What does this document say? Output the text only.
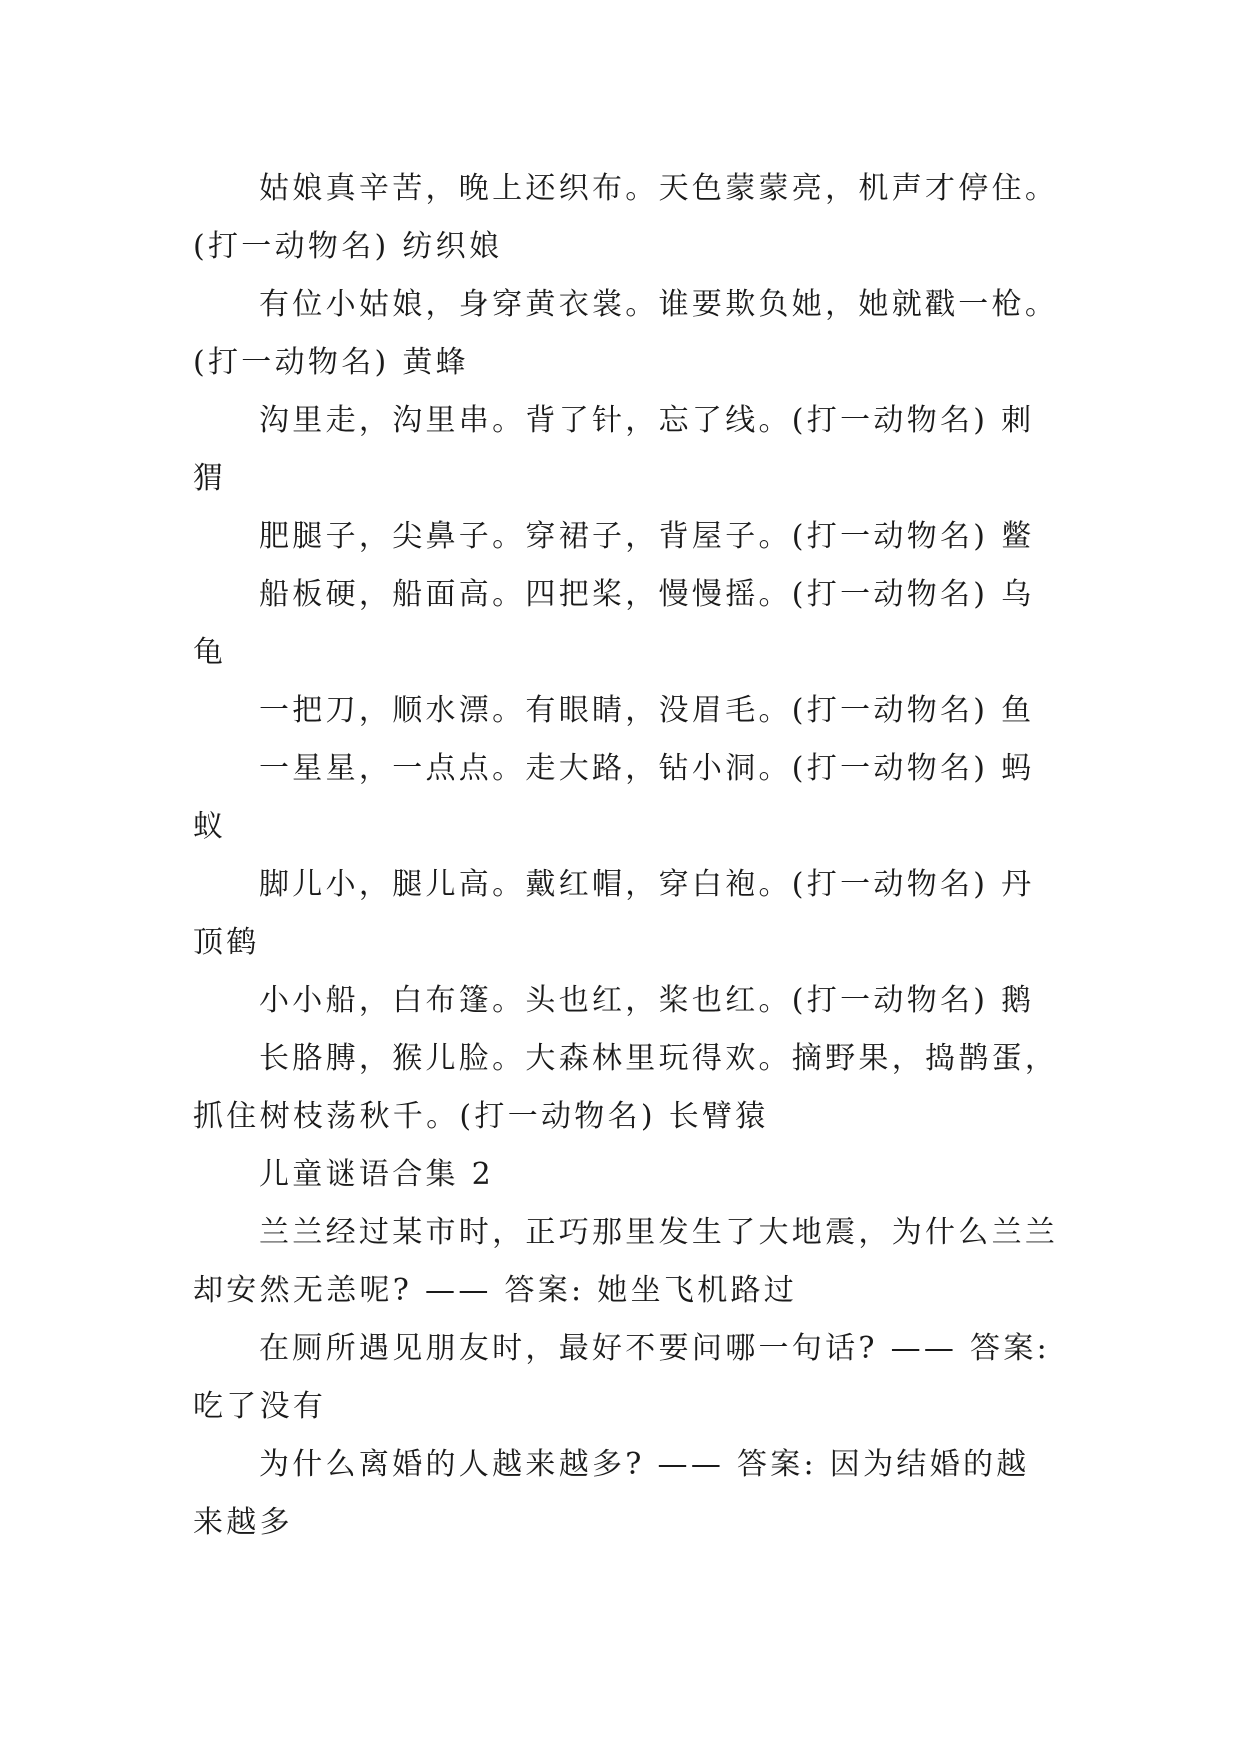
姑娘真辛苦，晚上还织布。天色蒙蒙亮，机声才停住。
(打一动物名) 纺织娘

有位小姑娘，身穿黄衣裳。谁要欺负她，她就戳一枪。
(打一动物名) 黄蜂

沟里走，沟里串。背了针，忘了线。(打一动物名) 刺
猬

肥腿子，尖鼻子。穿裙子，背屋子。(打一动物名) 鳖

船板硬，船面高。四把桨，慢慢摇。(打一动物名) 乌
龟

一把刀，顺水漂。有眼睛，没眉毛。(打一动物名) 鱼

一星星，一点点。走大路，钻小洞。(打一动物名) 蚂
蚁

脚儿小，腿儿高。戴红帽，穿白袍。(打一动物名) 丹
顶鹤

小小船，白布篷。头也红，桨也红。(打一动物名) 鹅

长胳膊，猴儿脸。大森林里玩得欢。摘野果，捣鹊蛋，
抓住树枝荡秋千。(打一动物名) 长臂猿

儿童谜语合集 2

兰兰经过某市时，正巧那里发生了大地震，为什么兰兰
却安然无恙呢? —— 答案: 她坐飞机路过

在厕所遇见朋友时，最好不要问哪一句话? —— 答案:
吃了没有

为什么离婚的人越来越多? —— 答案: 因为结婚的越
来越多
